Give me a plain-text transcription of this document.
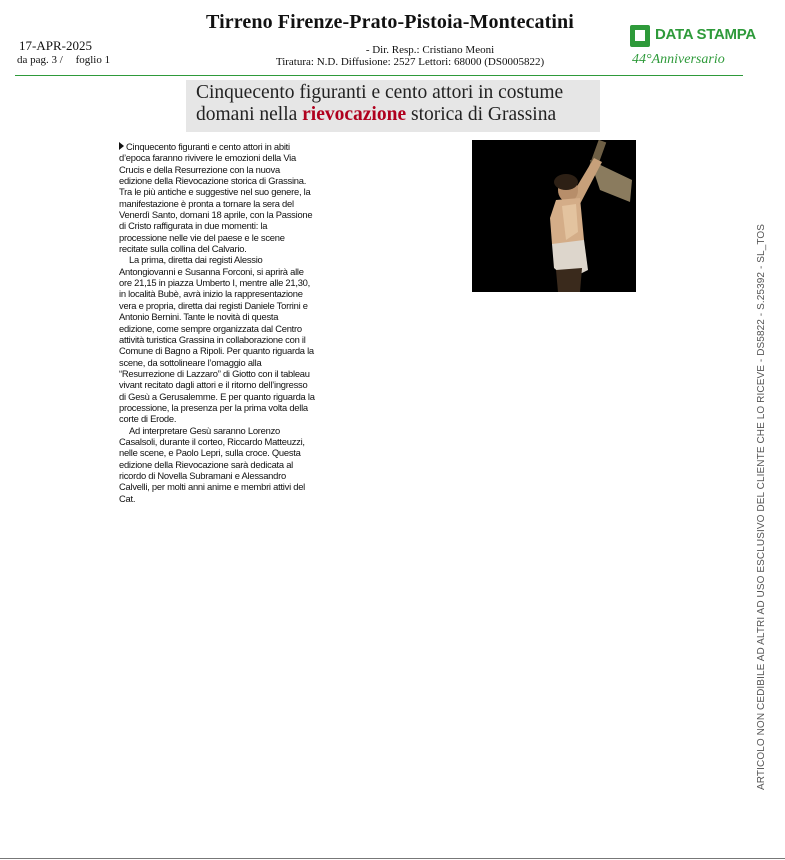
17-APR-2025
da pag. 3 / foglio 1
Tirreno Firenze-Prato-Pistoia-Montecatini
- Dir. Resp.: Cristiano Meoni
Tiratura: N.D. Diffusione: 2527 Lettori: 68000 (DS0005822)
DATA STAMPA
44°Anniversario
Cinquecento figuranti e cento attori in costume domani nella rievocazione storica di Grassina

Cinquecento figuranti e cento attori in abiti d’epoca faranno rivivere le emozioni della Via Crucis e della Resurrezione con la nuova edizione della Rievocazione storica di Grassina. Tra le più antiche e suggestive nel suo genere, la manifestazione è pronta a tornare la sera del Venerdì Santo, domani 18 aprile, con la Passione di Cristo raffigurata in due momenti: la processione nelle vie del paese e le scene recitate sulla collina del Calvario.

La prima, diretta dai registi Alessio Antongiovanni e Susanna Forconi, si aprirà alle ore 21,15 in piazza Umberto I, mentre alle 21,30, in località Bubè, avrà inizio la rappresentazione vera e propria, diretta dai registi Daniele Torrini e Antonio Bernini. Tante le novità di questa edizione, come sempre organizzata dal Centro attività turistica Grassina in collaborazione con il Comune di Bagno a Ripoli. Per quanto riguarda la scene, da sottolineare l’omaggio alla “Resurrezione di Lazzaro” di Giotto con il tableau vivant recitato dagli attori e il ritorno dell’ingresso di Gesù a Gerusalemme. E per quanto riguarda la processione, la presenza per la prima volta della corte di Erode.

Ad interpretare Gesù saranno Lorenzo Casalsoli, durante il corteo, Riccardo Matteuzzi, nelle scene, e Paolo Lepri, sulla croce. Questa edizione della Rievocazione sarà dedicata al ricordo di Novella Subramani e Alessandro Calvelli, per molti anni anime e membri attivi del Cat.	ARTICOLO NON CEDIBILE AD ALTRI AD USO ESCLUSIVO DEL CLIENTE CHE LO RICEVE - DS5822 - S.25392 - SL_TOS
